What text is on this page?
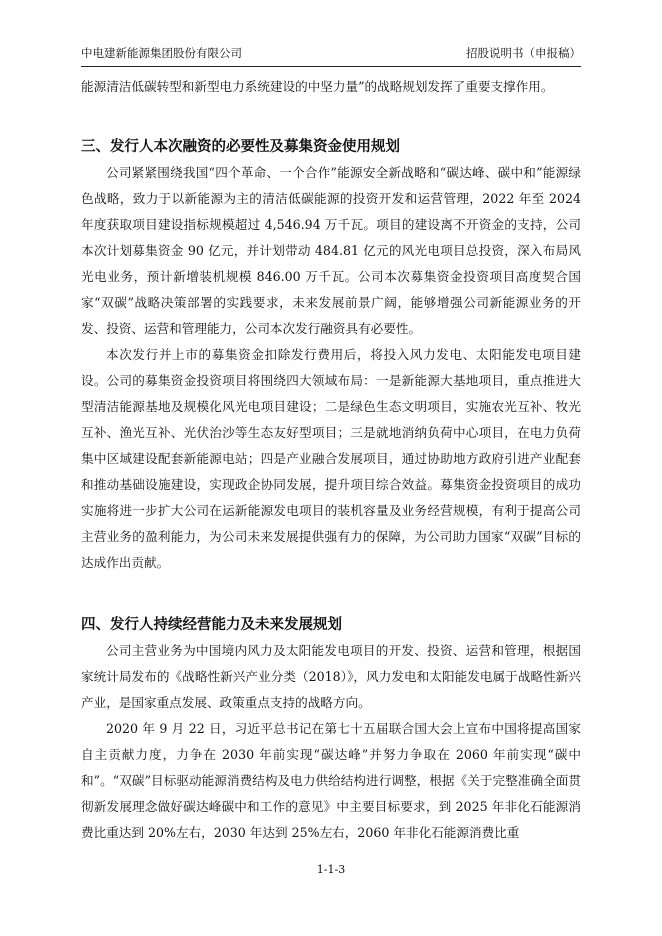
中电建新能源集团股份有限公司	招股说明书（申报稿）

能源清洁低碳转型和新型电力系统建设的中坚力量”的战略规划发挥了重要支撑作用。

三、发行人本次融资的必要性及募集资金使用规划

公司紧紧围绕我国“四个革命、一个合作”能源安全新战略和“碳达峰、碳中和”能源绿色战略，致力于以新能源为主的清洁低碳能源的投资开发和运营管理，2022 年至 2024 年度获取项目建设指标规模超过 4,546.94 万千瓦。项目的建设离不开资金的支持，公司本次计划募集资金 90 亿元，并计划带动 484.81 亿元的风光电项目总投资，深入布局风光电业务，预计新增装机规模 846.00 万千瓦。公司本次募集资金投资项目高度契合国家“双碳”战略决策部署的实践要求，未来发展前景广阔，能够增强公司新能源业务的开发、投资、运营和管理能力，公司本次发行融资具有必要性。

本次发行并上市的募集资金扣除发行费用后，将投入风力发电、太阳能发电项目建设。公司的募集资金投资项目将围绕四大领域布局：一是新能源大基地项目，重点推进大型清洁能源基地及规模化风光电项目建设；二是绿色生态文明项目，实施农光互补、牧光互补、渔光互补、光伏治沙等生态友好型项目；三是就地消纳负荷中心项目，在电力负荷集中区域建设配套新能源电站；四是产业融合发展项目，通过协助地方政府引进产业配套和推动基础设施建设，实现政企协同发展，提升项目综合效益。募集资金投资项目的成功实施将进一步扩大公司在运新能源发电项目的装机容量及业务经营规模，有利于提高公司主营业务的盈利能力，为公司未来发展提供强有力的保障，为公司助力国家“双碳”目标的达成作出贡献。

四、发行人持续经营能力及未来发展规划

公司主营业务为中国境内风力及太阳能发电项目的开发、投资、运营和管理，根据国家统计局发布的《战略性新兴产业分类（2018）》，风力发电和太阳能发电属于战略性新兴产业，是国家重点发展、政策重点支持的战略方向。

2020 年 9 月 22 日，习近平总书记在第七十五届联合国大会上宣布中国将提高国家自主贡献力度，力争在 2030 年前实现“碳达峰”并努力争取在 2060 年前实现“碳中和”。“双碳”目标驱动能源消费结构及电力供给结构进行调整，根据《关于完整准确全面贯彻新发展理念做好碳达峰碳中和工作的意见》中主要目标要求，到 2025 年非化石能源消费比重达到 20%左右，2030 年达到 25%左右，2060 年非化石能源消费比重

1-1-3
